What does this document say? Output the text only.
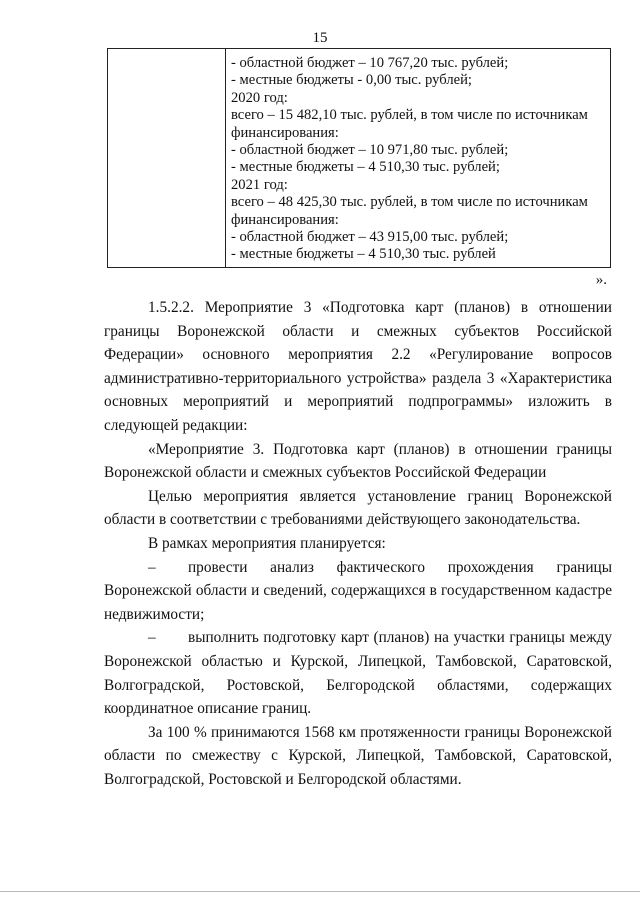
15
- областной бюджет – 10 767,20 тыс. рублей;
- местные бюджеты - 0,00 тыс. рублей;
2020 год:
всего – 15 482,10 тыс. рублей, в том числе по источникам
финансирования:
- областной бюджет – 10 971,80 тыс. рублей;
- местные бюджеты – 4 510,30 тыс. рублей;
2021 год:
всего – 48 425,30 тыс. рублей, в том числе по источникам
финансирования:
- областной бюджет – 43 915,00 тыс. рублей;
- местные бюджеты – 4 510,30 тыс. рублей
».

1.5.2.2. Мероприятие 3 «Подготовка карт (планов) в отношении границы Воронежской области и смежных субъектов Российской Федерации» основного мероприятия 2.2 «Регулирование вопросов административно-территориального устройства» раздела 3 «Характеристика основных мероприятий и мероприятий подпрограммы» изложить в следующей редакции:

«Мероприятие 3. Подготовка карт (планов) в отношении границы Воронежской области и смежных субъектов Российской Федерации

Целью мероприятия является установление границ Воронежской области в соответствии с требованиями действующего законодательства.

В рамках мероприятия планируется:

– провести анализ фактического прохождения границы Воронежской области и сведений, содержащихся в государственном кадастре недвижимости;

– выполнить подготовку карт (планов) на участки границы между Воронежской областью и Курской, Липецкой, Тамбовской, Саратовской, Волгоградской, Ростовской, Белгородской областями, содержащих координатное описание границ.

За 100 % принимаются 1568 км протяженности границы Воронежской области по смежеству с Курской, Липецкой, Тамбовской, Саратовской, Волгоградской, Ростовской и Белгородской областями.
